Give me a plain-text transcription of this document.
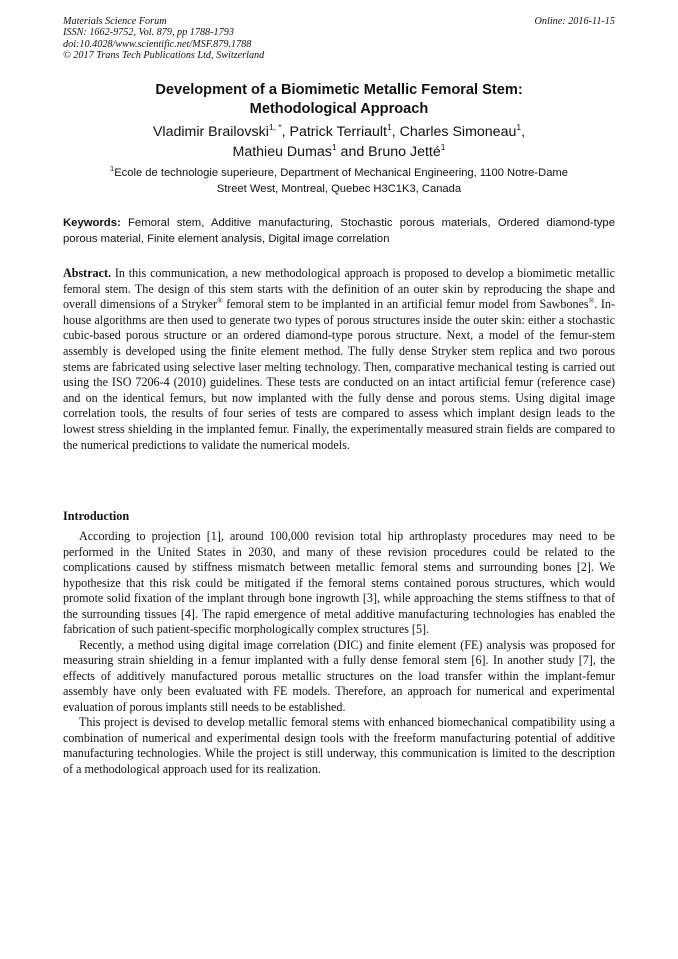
Materials Science Forum
ISSN: 1662-9752, Vol. 879, pp 1788-1793
doi:10.4028/www.scientific.net/MSF.879.1788
© 2017 Trans Tech Publications Ltd, Switzerland
Online: 2016-11-15
Development of a Biomimetic Metallic Femoral Stem:
Methodological Approach
Vladimir Brailovski$^{1, *}$, Patrick Terriault$^1$, Charles Simoneau$^1$,
Mathieu Dumas$^1$ and Bruno Jetté$^1$
$^1$Ecole de technologie superieure, Department of Mechanical Engineering, 1100 Notre-Dame
Street West, Montreal, Quebec H3C1K3, Canada
Keywords: Femoral stem, Additive manufacturing, Stochastic porous materials, Ordered diamond-type porous material, Finite element analysis, Digital image correlation
Abstract. In this communication, a new methodological approach is proposed to develop a biomimetic metallic femoral stem. The design of this stem starts with the definition of an outer skin by reproducing the shape and overall dimensions of a Stryker® femoral stem to be implanted in an artificial femur model from Sawbones®. In-house algorithms are then used to generate two types of porous structures inside the outer skin: either a stochastic cubic-based porous structure or an ordered diamond-type porous structure. Next, a model of the femur-stem assembly is developed using the finite element method. The fully dense Stryker stem replica and two porous stems are fabricated using selective laser melting technology. Then, comparative mechanical testing is carried out using the ISO 7206-4 (2010) guidelines. These tests are conducted on an intact artificial femur (reference case) and on the identical femurs, but now implanted with the fully dense and porous stems. Using digital image correlation tools, the results of four series of tests are compared to assess which implant design leads to the lowest stress shielding in the implanted femur. Finally, the experimentally measured strain fields are compared to the numerical predictions to validate the numerical models.
Introduction

According to projection [1], around 100,000 revision total hip arthroplasty procedures may need to be performed in the United States in 2030, and many of these revision procedures could be related to the complications caused by stiffness mismatch between metallic femoral stems and surrounding bones [2]. We hypothesize that this risk could be mitigated if the femoral stems contained porous structures, which would promote solid fixation of the implant through bone ingrowth [3], while approaching the stems stiffness to that of the surrounding tissues [4]. The rapid emergence of metal additive manufacturing technologies has enabled the fabrication of such patient-specific morphologically complex structures [5].

Recently, a method using digital image correlation (DIC) and finite element (FE) analysis was proposed for measuring strain shielding in a femur implanted with a fully dense femoral stem [6]. In another study [7], the effects of additively manufactured porous metallic structures on the load transfer within the implant-femur assembly have only been evaluated with FE models. Therefore, an approach for numerical and experimental evaluation of porous implants still needs to be established.

This project is devised to develop metallic femoral stems with enhanced biomechanical compatibility using a combination of numerical and experimental design tools with the freeform manufacturing potential of additive manufacturing technologies. While the project is still underway, this communication is limited to the description of a methodological approach used for its realization.
